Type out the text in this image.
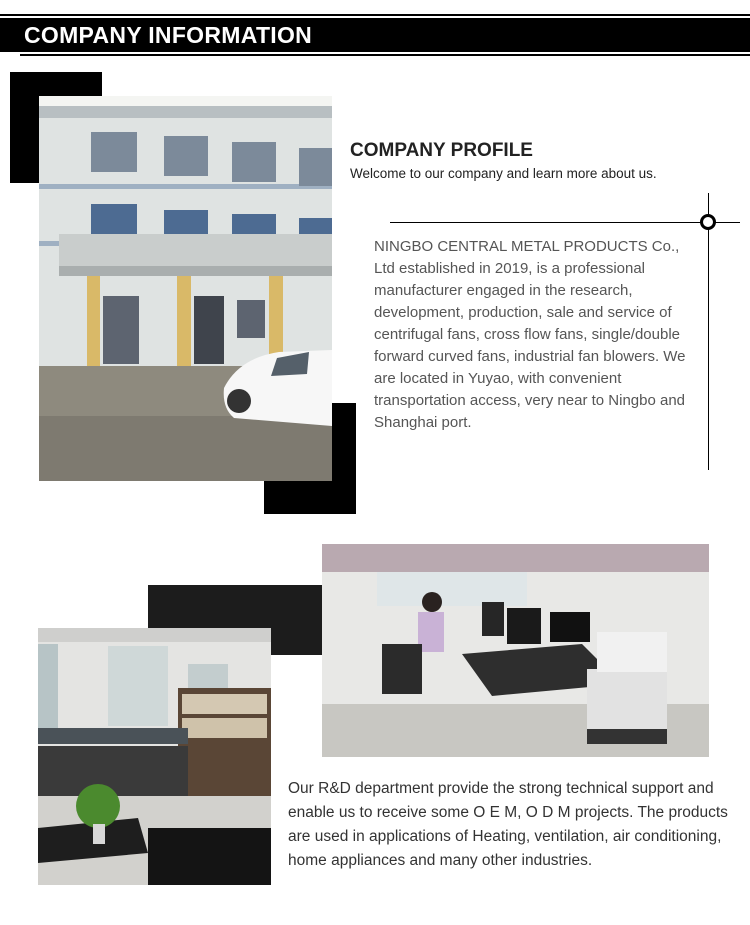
COMPANY INFORMATION
COMPANY PROFILE
Welcome to our company and learn more about us.
NINGBO CENTRAL METAL PRODUCTS Co., Ltd established in 2019, is a professional manufacturer engaged in the research, development, production, sale and service of centrifugal fans, cross flow fans, single/double forward curved fans, industrial fan blowers. We are located in Yuyao, with convenient transportation access, very near to Ningbo and Shanghai port.
Our R&D department provide the strong technical support and enable us to receive some O E M, O D M projects. The products are used in applications of Heating, ventilation, air conditioning, home appliances and many other industries.
